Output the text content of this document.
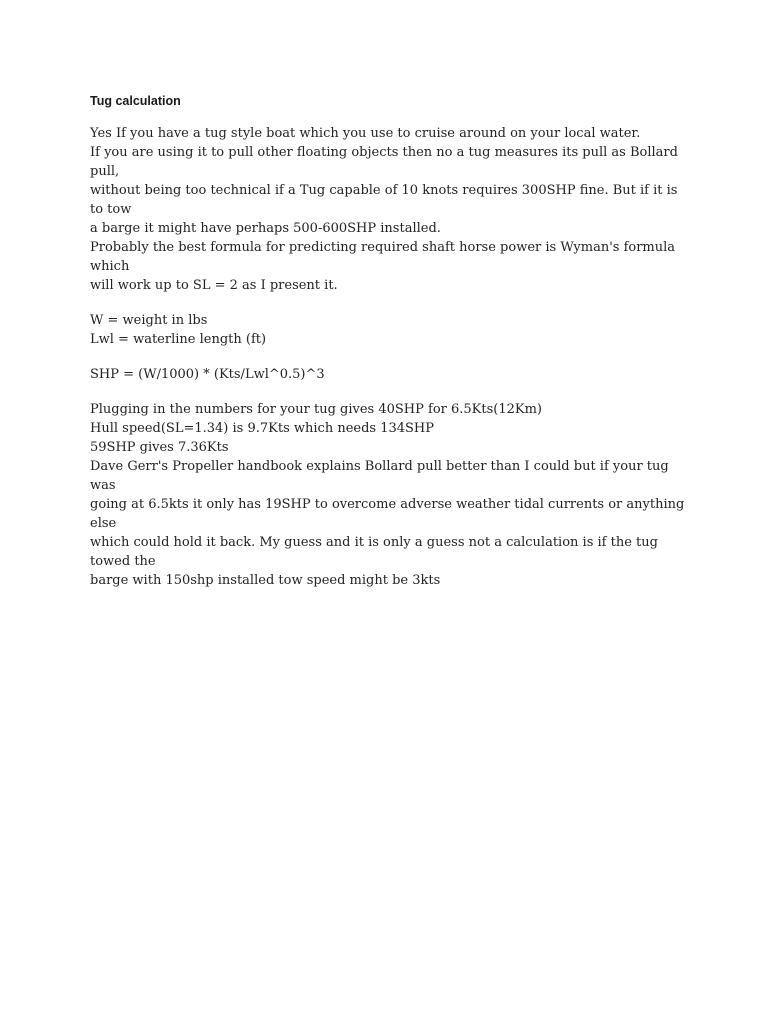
Tug calculation
Yes If you have a tug style boat which you use to cruise around on your local water.
If you are using it to pull other floating objects then no a tug measures its pull as Bollard pull,
without being too technical if a Tug capable of 10 knots requires 300SHP fine. But if it is to tow
a barge it might have perhaps 500-600SHP installed.
Probably the best formula for predicting required shaft horse power is Wyman's formula which
will work up to SL = 2 as I present it.
W = weight in lbs
Lwl = waterline length (ft)
SHP = (W/1000) * (Kts/Lwl^0.5)^3
Plugging in the numbers for your tug gives 40SHP for 6.5Kts(12Km)
Hull speed(SL=1.34) is 9.7Kts which needs 134SHP
59SHP gives 7.36Kts
Dave Gerr's Propeller handbook explains Bollard pull better than I could but if your tug was
going at 6.5kts it only has 19SHP to overcome adverse weather tidal currents or anything else
which could hold it back. My guess and it is only a guess not a calculation is if the tug towed the
barge with 150shp installed tow speed might be 3kts
